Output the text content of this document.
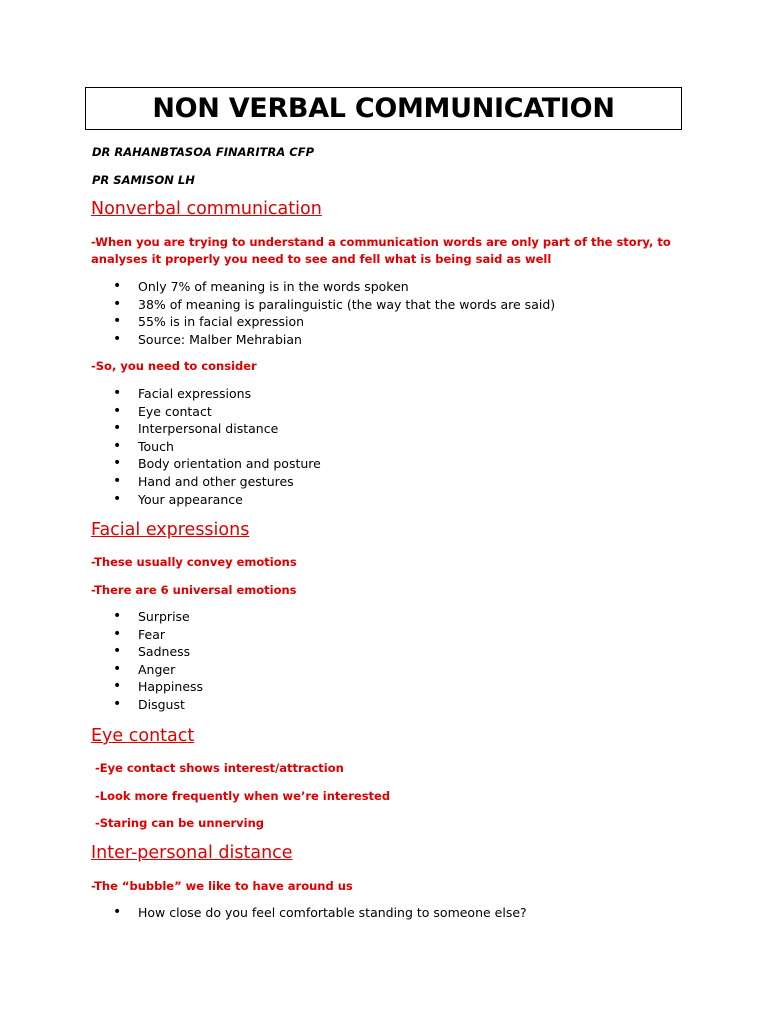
NON VERBAL COMMUNICATION
DR RAHANBTASOA FINARITRA CFP
PR SAMISON LH
Nonverbal communication
-When you are trying to understand a communication words are only part of the story, to analyses it properly you need to see and fell what is being said as well
• Only 7% of meaning is in the words spoken
• 38% of meaning is paralinguistic (the way that the words are said)
• 55% is in facial expression
• Source: Malber Mehrabian
-So, you need to consider
• Facial expressions
• Eye contact
• Interpersonal distance
• Touch
• Body orientation and posture
• Hand and other gestures
• Your appearance
Facial expressions
-These usually convey emotions
-There are 6 universal emotions
• Surprise
• Fear
• Sadness
• Anger
• Happiness
• Disgust
Eye contact
-Eye contact shows interest/attraction
-Look more frequently when we’re interested
-Staring can be unnerving
Inter-personal distance
-The “bubble” we like to have around us
• How close do you feel comfortable standing to someone else?
